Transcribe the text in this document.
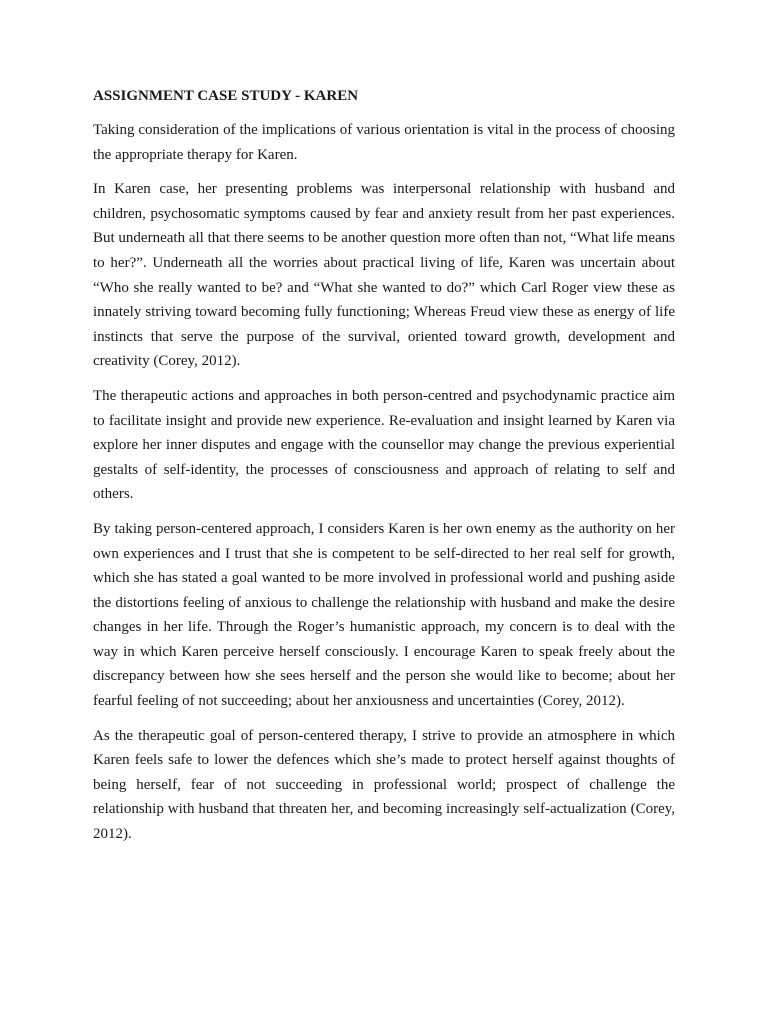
ASSIGNMENT CASE STUDY - KAREN

Taking consideration of the implications of various orientation is vital in the process of choosing the appropriate therapy for Karen.

In Karen case, her presenting problems was interpersonal relationship with husband and children, psychosomatic symptoms caused by fear and anxiety result from her past experiences. But underneath all that there seems to be another question more often than not, “What life means to her?”. Underneath all the worries about practical living of life, Karen was uncertain about “Who she really wanted to be? and “What she wanted to do?” which Carl Roger view these as innately striving toward becoming fully functioning; Whereas Freud view these as energy of life instincts that serve the purpose of the survival, oriented toward growth, development and creativity (Corey, 2012).

The therapeutic actions and approaches in both person-centred and psychodynamic practice aim to facilitate insight and provide new experience. Re-evaluation and insight learned by Karen via explore her inner disputes and engage with the counsellor may change the previous experiential gestalts of self-identity, the processes of consciousness and approach of relating to self and others.

By taking person-centered approach, I considers Karen is her own enemy as the authority on her own experiences and I trust that she is competent to be self-directed to her real self for growth, which she has stated a goal wanted to be more involved in professional world and pushing aside the distortions feeling of anxious to challenge the relationship with husband and make the desire changes in her life. Through the Roger’s humanistic approach, my concern is to deal with the way in which Karen perceive herself consciously. I encourage Karen to speak freely about the discrepancy between how she sees herself and the person she would like to become; about her fearful feeling of not succeeding; about her anxiousness and uncertainties (Corey, 2012).

As the therapeutic goal of person-centered therapy, I strive to provide an atmosphere in which Karen feels safe to lower the defences which she’s made to protect herself against thoughts of being herself, fear of not succeeding in professional world; prospect of challenge the relationship with husband that threaten her, and becoming increasingly self-actualization (Corey, 2012).
